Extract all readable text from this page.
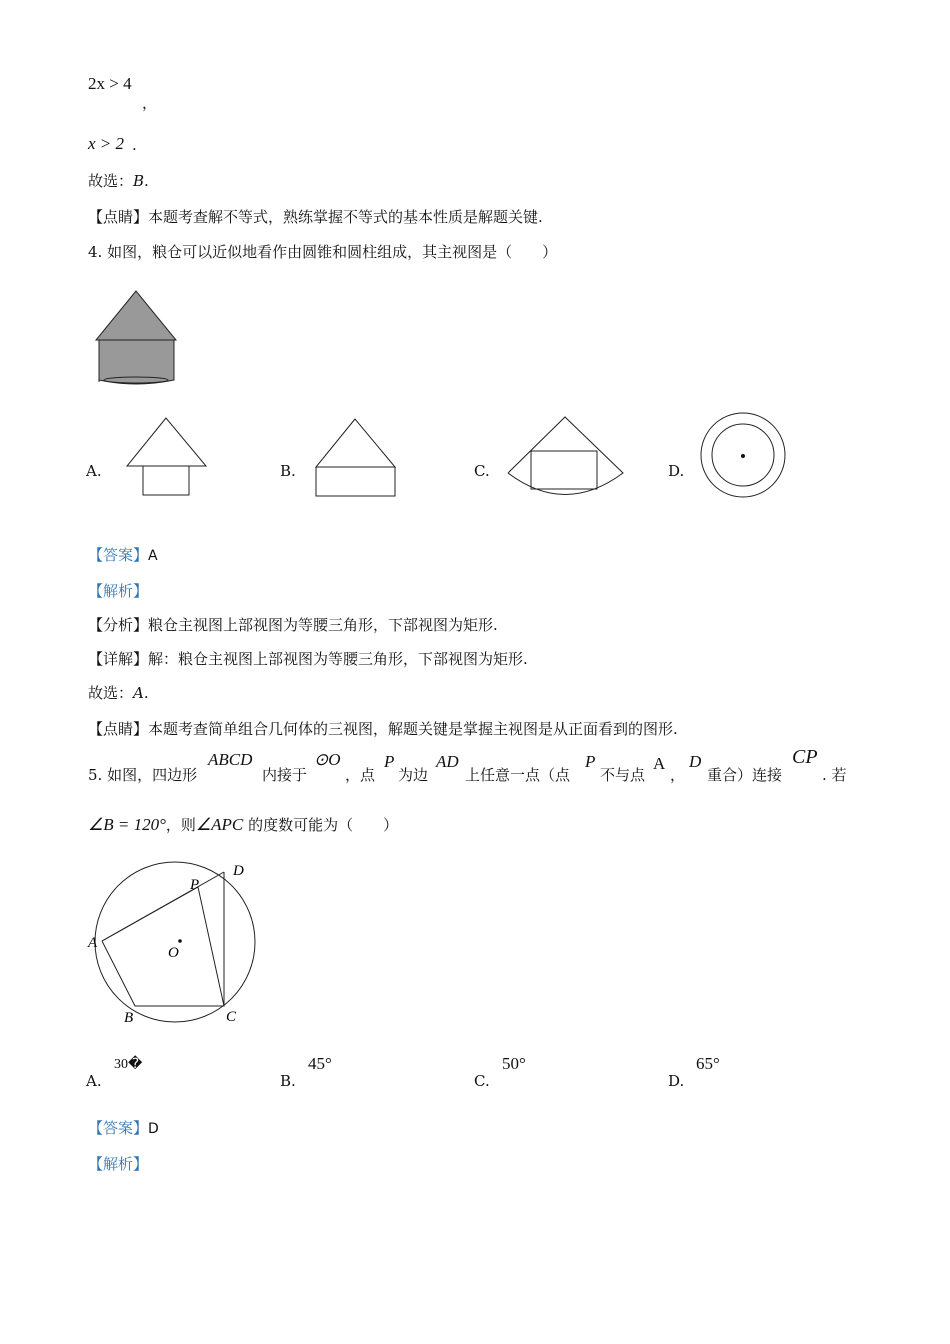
2x > 4
，
x > 2 .
故选：B.
【点睛】本题考查解不等式，熟练掌握不等式的基本性质是解题关键.
4. 如图，粮仓可以近似地看作由圆锥和圆柱组成，其主视图是（　　）
A.	B.	C.	D.
【答案】A
【解析】
【分析】粮仓主视图上部视图为等腰三角形，下部视图为矩形.
【详解】解：粮仓主视图上部视图为等腰三角形，下部视图为矩形.
故选：A.
【点睛】本题考查简单组合几何体的三视图，解题关键是掌握主视图是从正面看到的图形.
5. 如图，四边形
ABCD
内接于
⊙O
，点
P
为边
AD
上任意一点（点
P
不与点
A
，
D
重合）连接
CP
. 若
∠B = 120°，则∠APC 的度数可能为（　　）
A
B	C
D
P
O
A.
30�
B.
45°
C.
50°
D.
65°
【答案】D
【解析】
